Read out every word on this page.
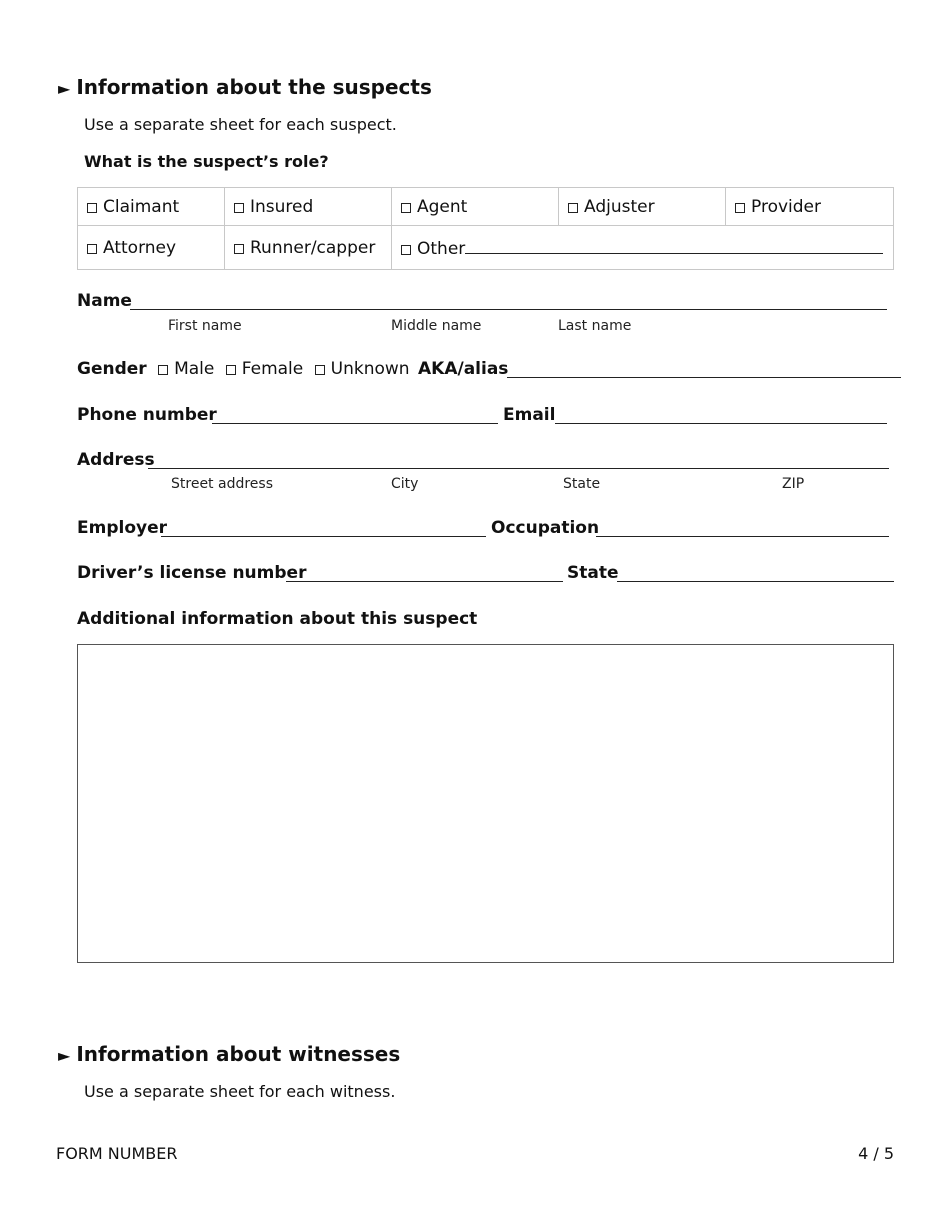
► Information about the suspects
Use a separate sheet for each suspect.
What is the suspect’s role?
Claimant	Insured	Agent	Adjuster	Provider
Attorney	Runner/capper	Other		
Name
First name	Middle name	Last name
Gender Male Female Unknown AKA/alias
Phone number	Email
Address
Street address	City	State	ZIP
Employer	Occupation
Driver’s license number	State
Additional information about this suspect
► Information about witnesses
Use a separate sheet for each witness.
FORM NUMBER	4 / 5
